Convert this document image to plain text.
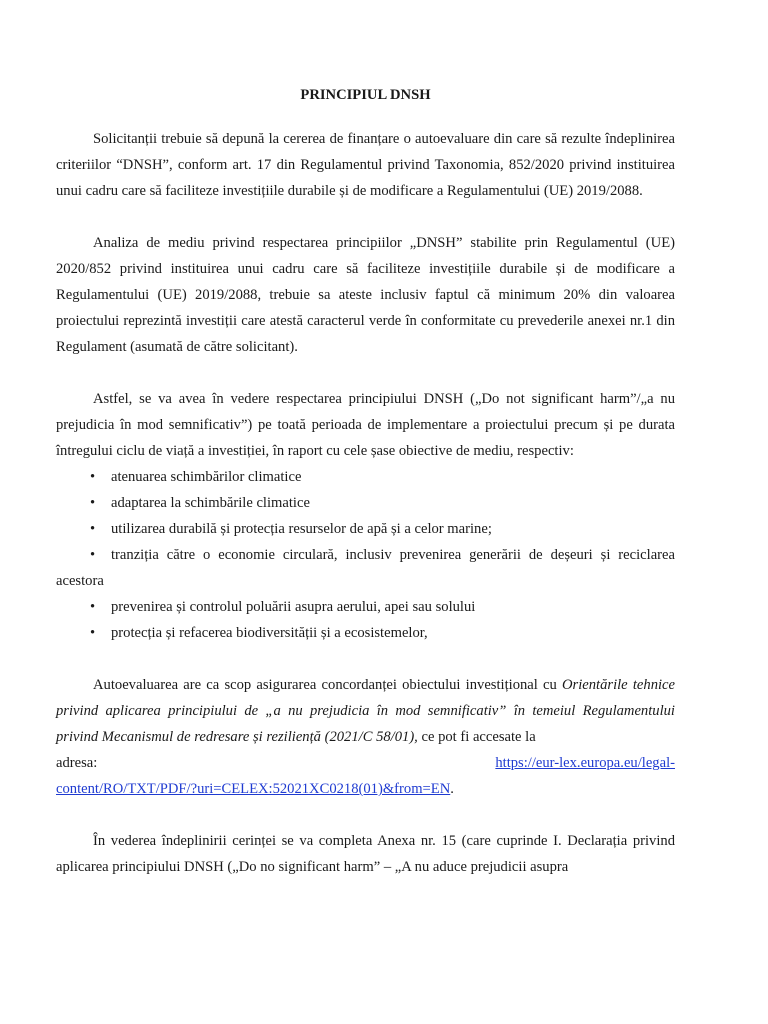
PRINCIPIUL DNSH

Solicitanții trebuie să depună la cererea de finanțare o autoevaluare din care să rezulte îndeplinirea criteriilor “DNSH”, conform art. 17 din Regulamentul privind Taxonomia, 852/2020 privind instituirea unui cadru care să faciliteze investițiile durabile și de modificare a Regulamentului (UE) 2019/2088.

Analiza de mediu privind respectarea principiilor „DNSH” stabilite prin Regulamentul (UE) 2020/852 privind instituirea unui cadru care să faciliteze investițiile durabile și de modificare a Regulamentului (UE) 2019/2088, trebuie sa ateste inclusiv faptul că minimum 20% din valoarea proiectului reprezintă investiții care atestă caracterul verde în conformitate cu prevederile anexei nr.1 din Regulament (asumată de către solicitant).

Astfel, se va avea în vedere respectarea principiului DNSH („Do not significant harm”/„a nu prejudicia în mod semnificativ”) pe toată perioada de implementare a proiectului precum și pe durata întregului ciclu de viață a investiției, în raport cu cele șase obiective de mediu, respectiv:

•	atenuarea schimbărilor climatice
•	adaptarea la schimbările climatice
•	utilizarea durabilă și protecția resurselor de apă și a celor marine;
•	tranziția către o economie circulară, inclusiv prevenirea generării de deșeuri și reciclarea acestora
•	prevenirea și controlul poluării asupra aerului, apei sau solului
•	protecția și refacerea biodiversității și a ecosistemelor,

Autoevaluarea are ca scop asigurarea concordanței obiectului investițional cu Orientările tehnice privind aplicarea principiului de „a nu prejudicia în mod semnificativ” în temeiul Regulamentului privind Mecanismul de redresare și reziliență (2021/C 58/01), ce pot fi accesate la

adresa:	https://eur-lex.europa.eu/legal-
content/RO/TXT/PDF/?uri=CELEX:52021XC0218(01)&from=EN.

În vederea îndeplinirii cerinței se va completa Anexa nr. 15 (care cuprinde I. Declarația privind aplicarea principiului DNSH („Do no significant harm” – „A nu aduce prejudicii asupra
